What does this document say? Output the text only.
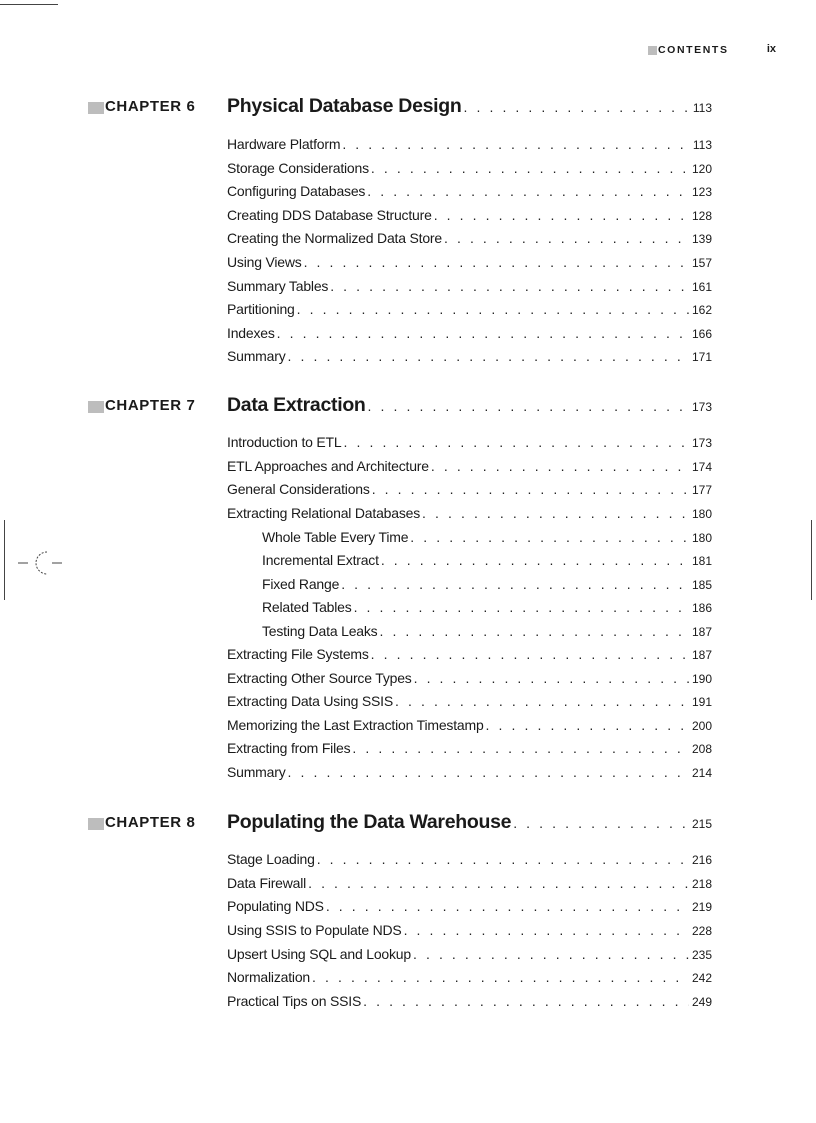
CONTENTS	ix
CHAPTER 6 Physical Database Design . . .	113
Hardware Platform . . .	113
Storage Considerations . . .	120
Configuring Databases . . .	123
Creating DDS Database Structure . . .	128
Creating the Normalized Data Store . . .	139
Using Views . . .	157
Summary Tables . . .	161
Partitioning . . .	162
Indexes . . .	166
Summary . . .	171
CHAPTER 7 Data Extraction . . .	173
Introduction to ETL . . .	173
ETL Approaches and Architecture . . .	174
General Considerations . . .	177
Extracting Relational Databases . . .	180
Whole Table Every Time . . .	180
Incremental Extract . . .	181
Fixed Range . . .	185
Related Tables . . .	186
Testing Data Leaks . . .	187
Extracting File Systems . . .	187
Extracting Other Source Types . . .	190
Extracting Data Using SSIS . . .	191
Memorizing the Last Extraction Timestamp . . .	200
Extracting from Files . . .	208
Summary . . .	214
CHAPTER 8 Populating the Data Warehouse . . .	215
Stage Loading . . .	216
Data Firewall . . .	218
Populating NDS . . .	219
Using SSIS to Populate NDS . . .	228
Upsert Using SQL and Lookup . . .	235
Normalization . . .	242
Practical Tips on SSIS . . .	249
